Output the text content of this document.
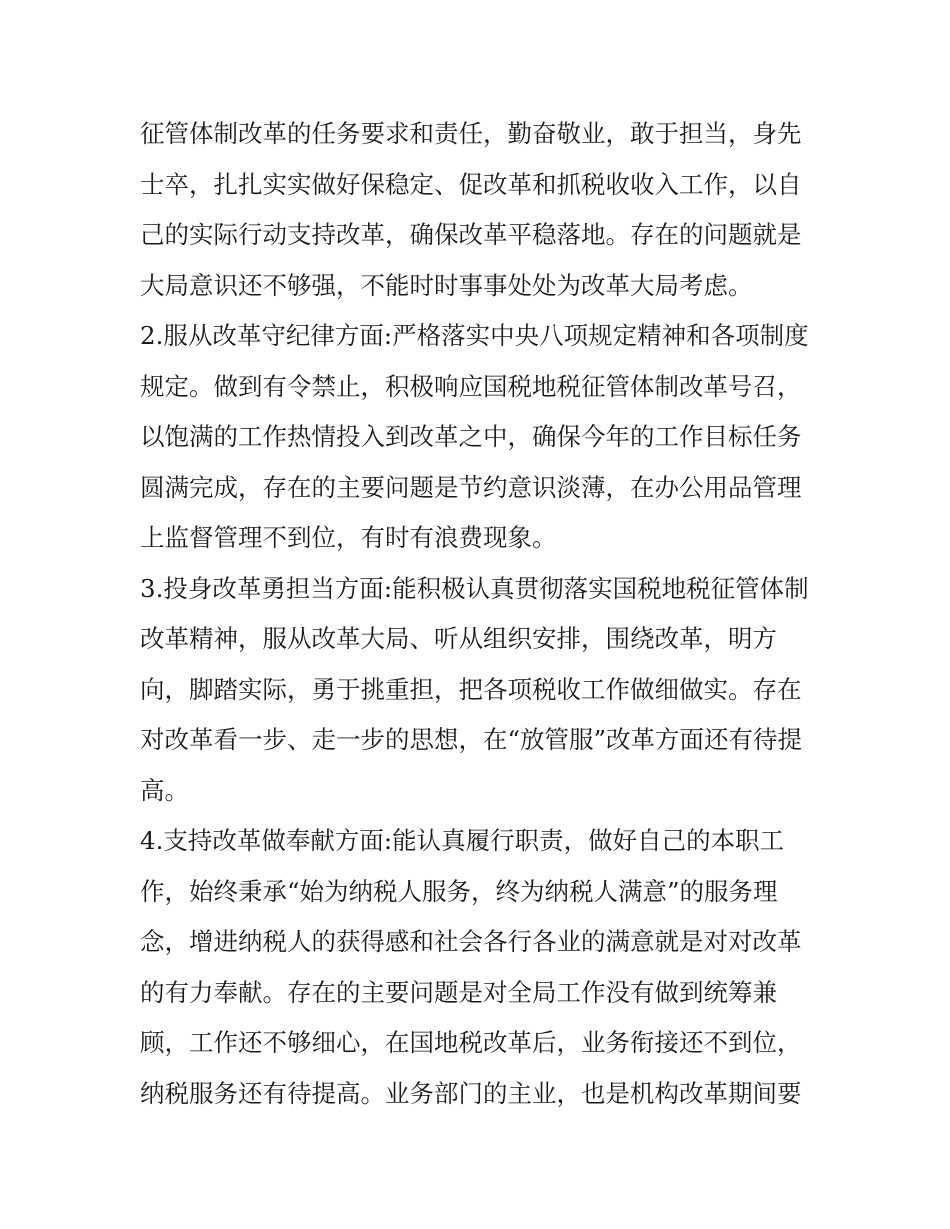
征管体制改革的任务要求和责任，勤奋敬业，敢于担当，身先
士卒，扎扎实实做好保稳定、促改革和抓税收收入工作，以自
己的实际行动支持改革，确保改革平稳落地。存在的问题就是
大局意识还不够强，不能时时事事处处为改革大局考虑。
2.服从改革守纪律方面:严格落实中央八项规定精神和各项制度
规定。做到有令禁止，积极响应国税地税征管体制改革号召，
以饱满的工作热情投入到改革之中，确保今年的工作目标任务
圆满完成，存在的主要问题是节约意识淡薄，在办公用品管理
上监督管理不到位，有时有浪费现象。
3.投身改革勇担当方面:能积极认真贯彻落实国税地税征管体制
改革精神，服从改革大局、听从组织安排，围绕改革，明方
向，脚踏实际，勇于挑重担，把各项税收工作做细做实。存在
对改革看一步、走一步的思想，在“放管服”改革方面还有待提
高。
4.支持改革做奉献方面:能认真履行职责，做好自己的本职工
作，始终秉承“始为纳税人服务，终为纳税人满意”的服务理
念，增进纳税人的获得感和社会各行各业的满意就是对对改革
的有力奉献。存在的主要问题是对全局工作没有做到统筹兼
顾，工作还不够细心，在国地税改革后，业务衔接还不到位，
纳税服务还有待提高。业务部门的主业，也是机构改革期间要
